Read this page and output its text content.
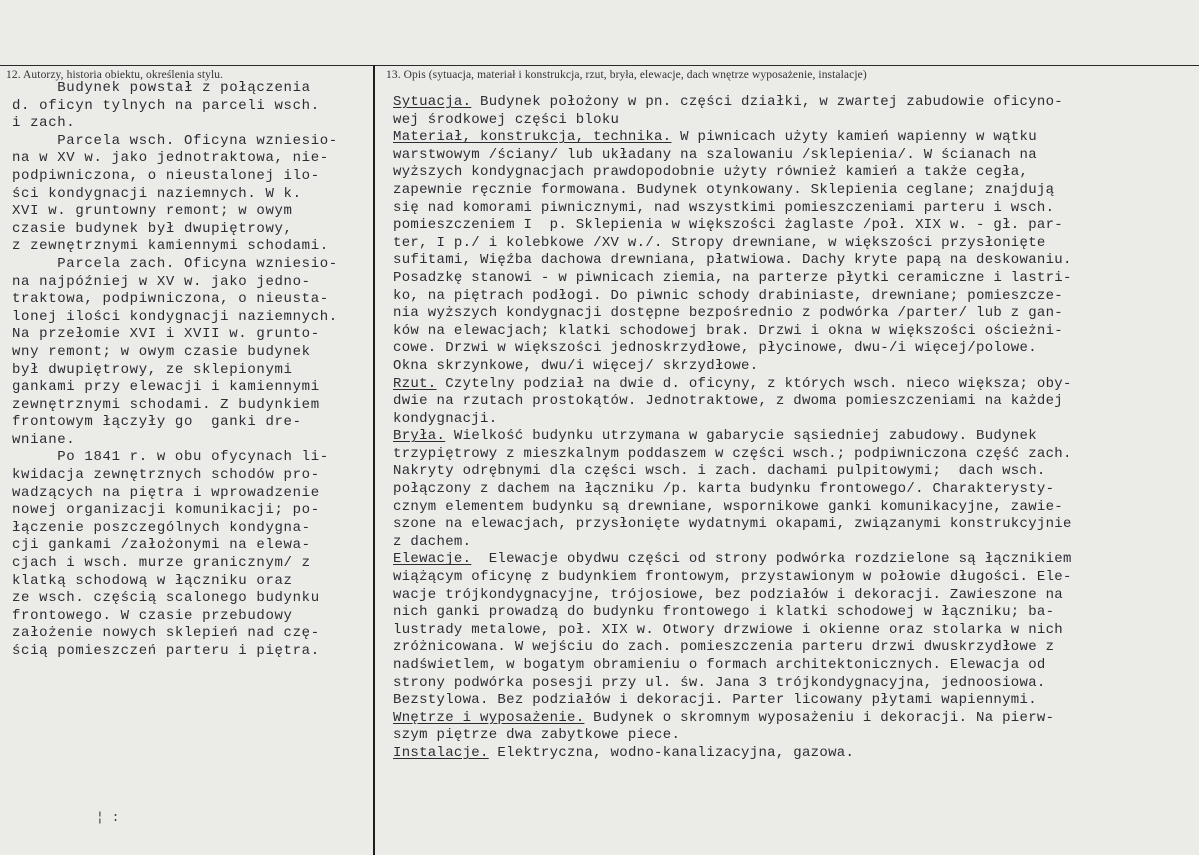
12. Autorzy, historia obiektu, określenia stylu.	13. Opis (sytuacja, materiał i konstrukcja, rzut, bryła, elewacje, dach wnętrze wyposażenie, instalacje)
Budynek powstał z połączenia
d. oficyn tylnych na parceli wsch.
i zach.
Parcela wsch. Oficyna wzniesio-
na w XV w. jako jednotraktowa, nie-
podpiwniczona, o nieustalonej ilo-
ści kondygnacji naziemnych. W k.
XVI w. gruntowny remont; w owym
czasie budynek był dwupiętrowy,
z zewnętrznymi kamiennymi schodami.
Parcela zach. Oficyna wzniesio-
na najpóźniej w XV w. jako jedno-
traktowa, podpiwniczona, o nieusta-
lonej ilości kondygnacji naziemnych.
Na przełomie XVI i XVII w. grunto-
wny remont; w owym czasie budynek
był dwupiętrowy, ze sklepionymi
gankami przy elewacji i kamiennymi
zewnętrznymi schodami. Z budynkiem
frontowym łączyły go  ganki dre-
wniane.
Po 1841 r. w obu ofycynach li-
kwidacja zewnętrznych schodów pro-
wadzących na piętra i wprowadzenie
nowej organizacji komunikacji; po-
łączenie poszczególnych kondygna-
cji gankami /założonymi na elewa-
cjach i wsch. murze granicznym/ z
klatką schodową w łączniku oraz
ze wsch. częścią scalonego budynku
frontowego. W czasie przebudowy
założenie nowych sklepień nad czę-
ścią pomieszczeń parteru i piętra.
Sytuacja. Budynek położony w pn. części działki, w zwartej zabudowie oficyno-
wej środkowej części bloku
Materiał, konstrukcja, technika. W piwnicach użyty kamień wapienny w wątku
warstwowym /ściany/ lub układany na szalowaniu /sklepienia/. W ścianach na
wyższych kondygnacjach prawdopodobnie użyty również kamień a także cegła,
zapewnie ręcznie formowana. Budynek otynkowany. Sklepienia ceglane; znajdują
się nad komorami piwnicznymi, nad wszystkimi pomieszczeniami parteru i wsch.
pomieszczeniem I  p. Sklepienia w większości żaglaste /poł. XIX w. - gł. par-
ter, I p./ i kolebkowe /XV w./. Stropy drewniane, w większości przysłonięte
sufitami, Więźba dachowa drewniana, płatwiowa. Dachy kryte papą na deskowaniu.
Posadzkę stanowi - w piwnicach ziemia, na parterze płytki ceramiczne i lastri-
ko, na piętrach podłogi. Do piwnic schody drabiniaste, drewniane; pomieszcze-
nia wyższych kondygnacji dostępne bezpośrednio z podwórka /parter/ lub z gan-
ków na elewacjach; klatki schodowej brak. Drzwi i okna w większości ościeżni-
cowe. Drzwi w większości jednoskrzydłowe, płycinowe, dwu-/i więcej/polowe.
Okna skrzynkowe, dwu/i więcej/ skrzydłowe.
Rzut. Czytelny podział na dwie d. oficyny, z których wsch. nieco większa; oby-
dwie na rzutach prostokątów. Jednotraktowe, z dwoma pomieszczeniami na każdej
kondygnacji.
Bryła. Wielkość budynku utrzymana w gabarycie sąsiedniej zabudowy. Budynek
trzypiętrowy z mieszkalnym poddaszem w części wsch.; podpiwniczona część zach.
Nakryty odrębnymi dla części wsch. i zach. dachami pulpitowymi;  dach wsch.
połączony z dachem na łączniku /p. karta budynku frontowego/. Charakterysty-
cznym elementem budynku są drewniane, wspornikowe ganki komunikacyjne, zawie-
szone na elewacjach, przysłonięte wydatnymi okapami, związanymi konstrukcyjnie
z dachem.
Elewacje.  Elewacje obydwu części od strony podwórka rozdzielone są łącznikiem
wiążącym oficynę z budynkiem frontowym, przystawionym w połowie długości. Ele-
wacje trójkondygnacyjne, trójosiowe, bez podziałów i dekoracji. Zawieszone na
nich ganki prowadzą do budynku frontowego i klatki schodowej w łączniku; ba-
lustrady metalowe, poł. XIX w. Otwory drzwiowe i okienne oraz stolarka w nich
zróżnicowana. W wejściu do zach. pomieszczenia parteru drzwi dwuskrzydłowe z
nadświetlem, w bogatym obramieniu o formach architektonicznych. Elewacja od
strony podwórka posesji przy ul. św. Jana 3 trójkondygnacyjna, jednoosiowa.
Bezstylowa. Bez podziałów i dekoracji. Parter licowany płytami wapiennymi.
Wnętrze i wyposażenie. Budynek o skromnym wyposażeniu i dekoracji. Na pierw-
szym piętrze dwa zabytkowe piece.
Instalacje. Elektryczna, wodno-kanalizacyjna, gazowa.
¦ :
